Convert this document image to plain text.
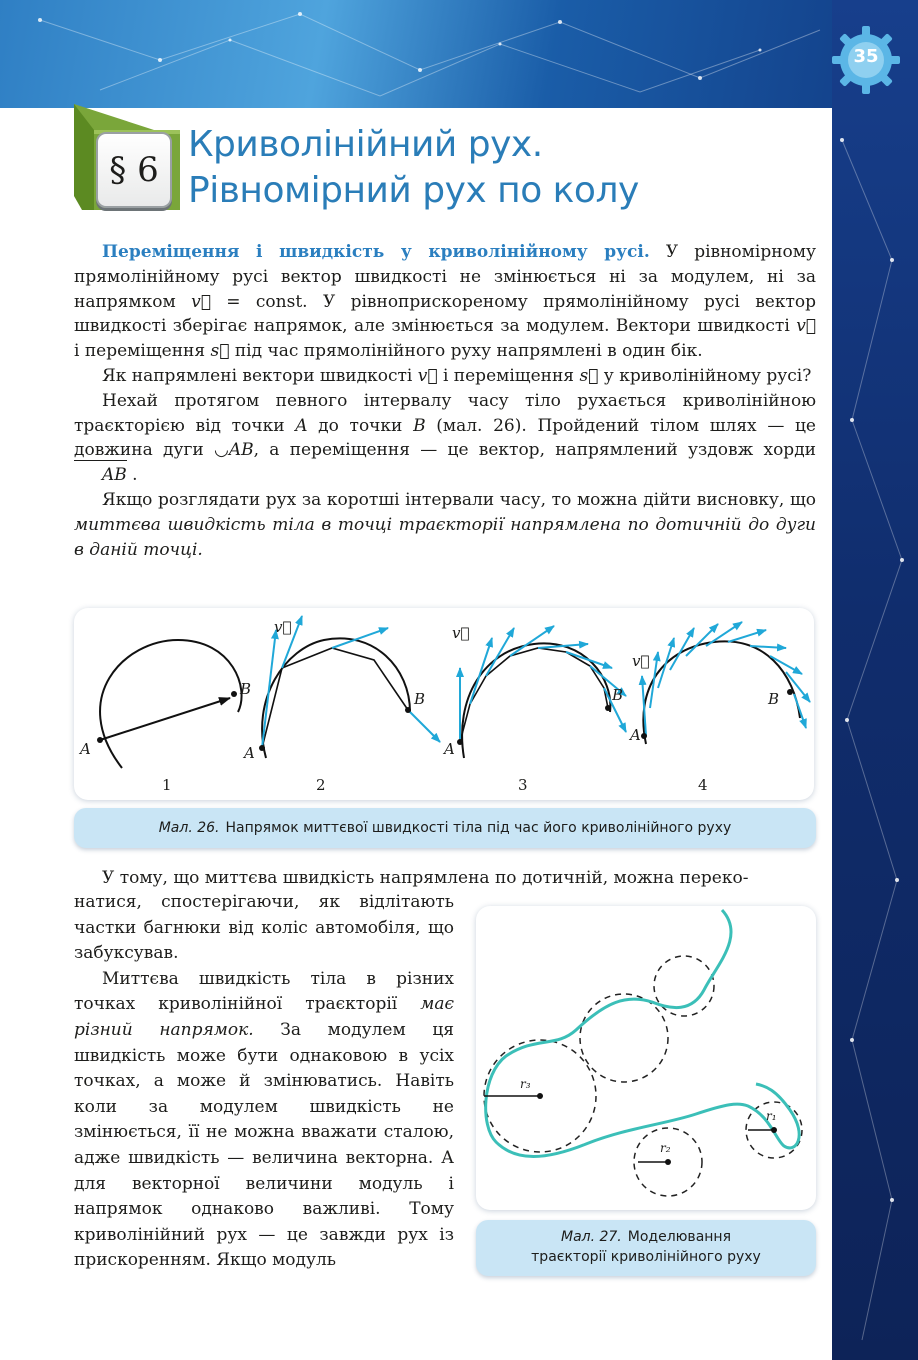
35
§ 6
Криволінійний рух.
Рівномірний рух по колу

Переміщення і швидкість у криволінійному русі. У рівномірному прямолінійному русі вектор швидкості не змінюється ні за модулем, ні за напрямком v⃗ = const. У рівноприскореному прямолінійному русі вектор швидкості зберігає напрямок, але змінюється за модулем. Вектори швидкості v⃗ і переміщення s⃗ під час прямолінійного руху напрямлені в один бік.

Як напрямлені вектори швидкості v⃗ і переміщення s⃗ у криволінійному русі?

Нехай протягом певного інтервалу часу тіло рухається криволінійною траєкторією від точки A до точки B (мал. 26). Пройдений тілом шлях — це довжина дуги ◡AB, а переміщення — це вектор, напрямлений уздовж хорди AB .

Якщо розглядати рух за коротші інтервали часу, то можна дійти висновку, що миттєва швидкість тіла в точці траєкторії напрямлена по дотичній до дуги в даній точці.

A
B
1
v⃗
A
B
2
v⃗
A
B
3
v⃗
A
B
4
Мал. 26. Напрямок миттєвої швидкості тіла під час його криволінійного руху

У тому, що миттєва швидкість напрямлена по дотичній, можна переко-

натися, спостерігаючи, як відлітають частки багнюки від коліс автомобіля, що забуксував.

Миттєва швидкість тіла в різних точках криволінійної траєкторії має різний напрямок. За модулем ця швидкість може бути однаковою в усіх точках, а може й змінюватись. Навіть коли за модулем швидкість не змінюється, її не можна вважати сталою, адже швидкість — величина векторна. А для векторної величини модуль і напрямок однаково важливі. Тому криволінійний рух — це завжди рух із прискоренням. Якщо модуль

r₃
r₂
r₁
Мал. 27. Моделювання
траєкторії криволінійного руху
